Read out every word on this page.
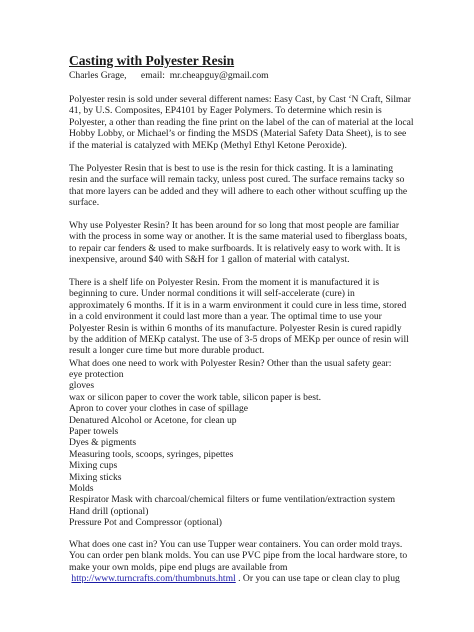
Casting with Polyester Resin
Charles Grage,      email:  mr.cheapguy@gmail.com
Polyester resin is sold under several different names: Easy Cast, by Cast ‘N Craft, Silmar
41, by U.S. Composites, EP4101 by Eager Polymers. To determine which resin is
Polyester, a other than reading the fine print on the label of the can of material at the local
Hobby Lobby, or Michael’s or finding the MSDS (Material Safety Data Sheet), is to see
if the material is catalyzed with MEKp (Methyl Ethyl Ketone Peroxide).
The Polyester Resin that is best to use is the resin for thick casting. It is a laminating
resin and the surface will remain tacky, unless post cured. The surface remains tacky so
that more layers can be added and they will adhere to each other without scuffing up the
surface.
Why use Polyester Resin? It has been around for so long that most people are familiar
with the process in some way or another. It is the same material used to fiberglass boats,
to repair car fenders & used to make surfboards. It is relatively easy to work with. It is
inexpensive, around $40 with S&H for 1 gallon of material with catalyst.
There is a shelf life on Polyester Resin. From the moment it is manufactured it is
beginning to cure. Under normal conditions it will self-accelerate (cure) in
approximately 6 months. If it is in a warm environment it could cure in less time, stored
in a cold environment it could last more than a year. The optimal time to use your
Polyester Resin is within 6 months of its manufacture. Polyester Resin is cured rapidly
by the addition of MEKp catalyst. The use of 3-5 drops of MEKp per ounce of resin will
result a longer cure time but more durable product.
What does one need to work with Polyester Resin? Other than the usual safety gear:
eye protection
gloves
wax or silicon paper to cover the work table, silicon paper is best.
Apron to cover your clothes in case of spillage
Denatured Alcohol or Acetone, for clean up
Paper towels
Dyes & pigments
Measuring tools, scoops, syringes, pipettes
Mixing cups
Mixing sticks
Molds
Respirator Mask with charcoal/chemical filters or fume ventilation/extraction system
Hand drill (optional)
Pressure Pot and Compressor (optional)
What does one cast in? You can use Tupper wear containers. You can order mold trays.
You can order pen blank molds. You can use PVC pipe from the local hardware store, to
make your own molds, pipe end plugs are available from
http://www.turncrafts.com/thumbnuts.html . Or you can use tape or clean clay to plug
